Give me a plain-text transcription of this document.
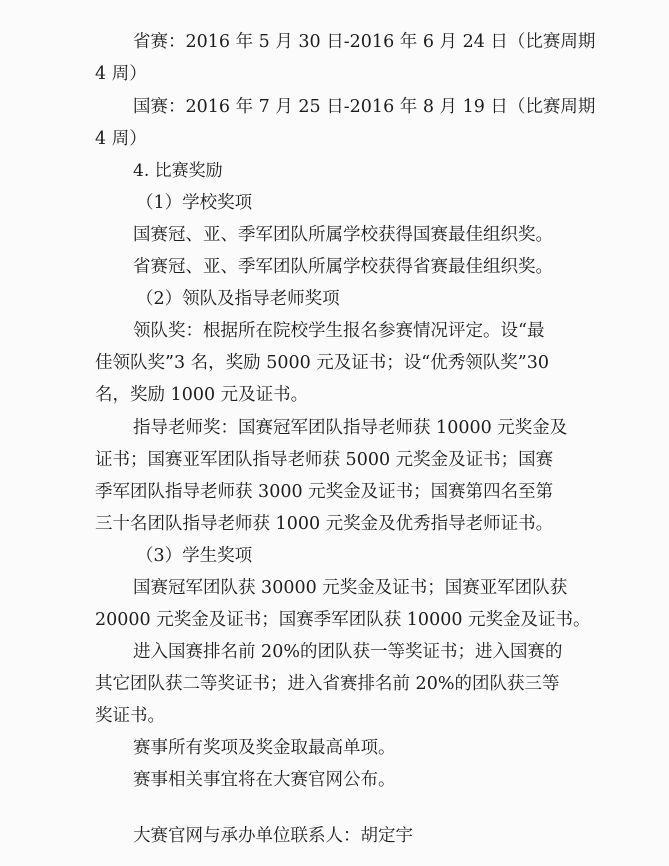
省赛：2016 年 5 月 30 日-2016 年 6 月 24 日（比赛周期

4 周）

国赛：2016 年 7 月 25 日-2016 年 8 月 19 日（比赛周期

4 周）

4. 比赛奖励

（1）学校奖项

国赛冠、亚、季军团队所属学校获得国赛最佳组织奖。

省赛冠、亚、季军团队所属学校获得省赛最佳组织奖。

（2）领队及指导老师奖项

领队奖：根据所在院校学生报名参赛情况评定。设“最

佳领队奖”3 名，奖励 5000 元及证书；设“优秀领队奖”30

名，奖励 1000 元及证书。

指导老师奖：国赛冠军团队指导老师获 10000 元奖金及

证书；国赛亚军团队指导老师获 5000 元奖金及证书；国赛

季军团队指导老师获 3000 元奖金及证书；国赛第四名至第

三十名团队指导老师获 1000 元奖金及优秀指导老师证书。

（3）学生奖项

国赛冠军团队获 30000 元奖金及证书；国赛亚军团队获

20000 元奖金及证书；国赛季军团队获 10000 元奖金及证书。

进入国赛排名前 20%的团队获一等奖证书；进入国赛的

其它团队获二等奖证书；进入省赛排名前 20%的团队获三等

奖证书。

赛事所有奖项及奖金取最高单项。

赛事相关事宜将在大赛官网公布。

大赛官网与承办单位联系人：胡定宇
